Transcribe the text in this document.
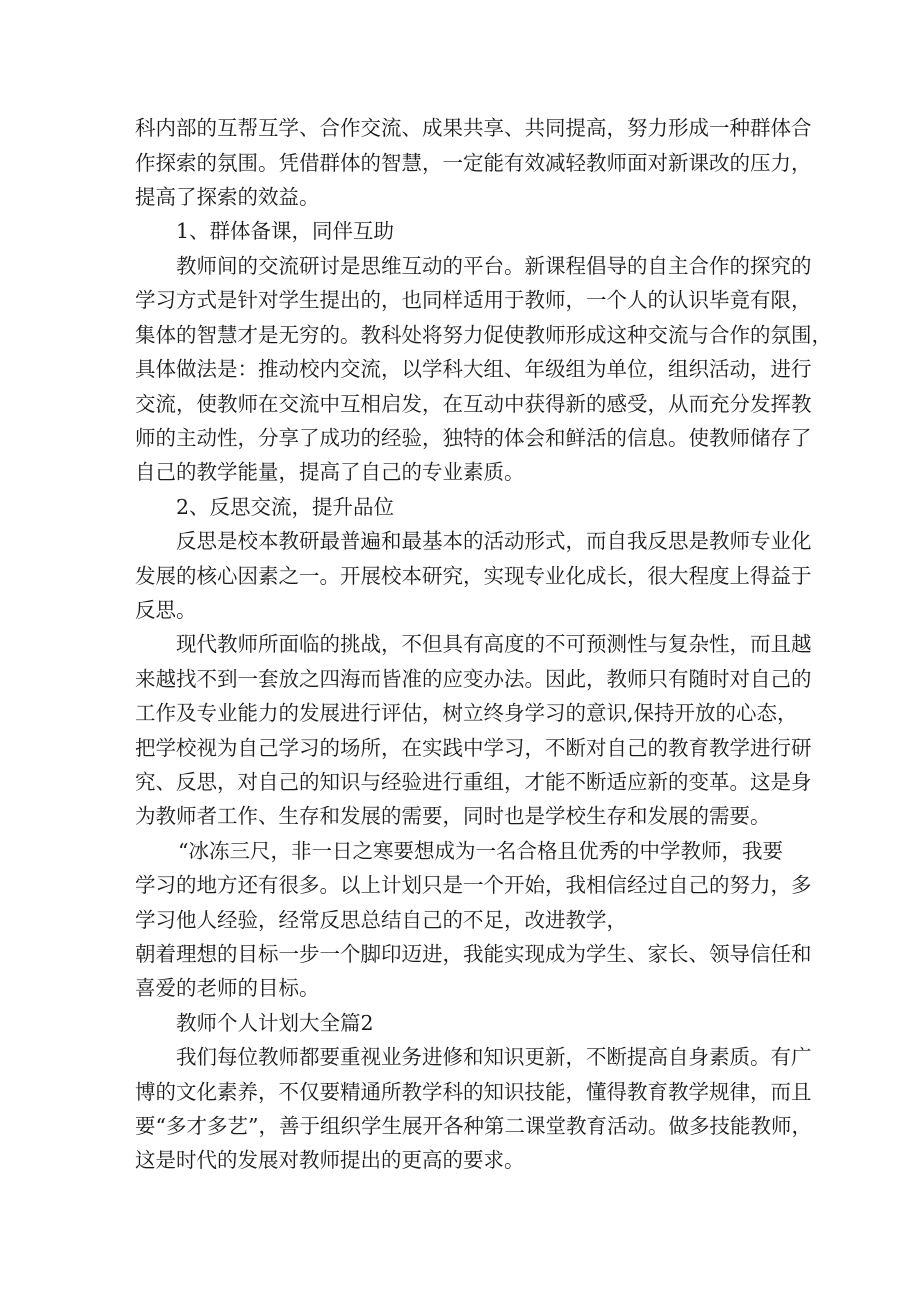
科内部的互帮互学、合作交流、成果共享、共同提高，努力形成一种群体合
作探索的氛围。凭借群体的智慧，一定能有效减轻教师面对新课改的压力，
提高了探索的效益。
1、群体备课，同伴互助
教师间的交流研讨是思维互动的平台。新课程倡导的自主合作的探究的
学习方式是针对学生提出的，也同样适用于教师，一个人的认识毕竟有限，
集体的智慧才是无穷的。教科处将努力促使教师形成这种交流与合作的氛围，
具体做法是：推动校内交流，以学科大组、年级组为单位，组织活动，进行
交流，使教师在交流中互相启发，在互动中获得新的感受，从而充分发挥教
师的主动性，分享了成功的经验，独特的体会和鲜活的信息。使教师储存了
自己的教学能量，提高了自己的专业素质。
2、反思交流，提升品位
反思是校本教研最普遍和最基本的活动形式，而自我反思是教师专业化
发展的核心因素之一。开展校本研究，实现专业化成长，很大程度上得益于
反思。
现代教师所面临的挑战，不但具有高度的不可预测性与复杂性，而且越
来越找不到一套放之四海而皆准的应变办法。因此，教师只有随时对自己的
工作及专业能力的发展进行评估，树立终身学习的意识,保持开放的心态，
把学校视为自己学习的场所，在实践中学习，不断对自己的教育教学进行研
究、反思，对自己的知识与经验进行重组，才能不断适应新的变革。这是身
为教师者工作、生存和发展的需要，同时也是学校生存和发展的需要。
“冰冻三尺，非一日之寒要想成为一名合格且优秀的中学教师，我要
学习的地方还有很多。以上计划只是一个开始，我相信经过自己的努力，多
学习他人经验，经常反思总结自己的不足，改进教学，
朝着理想的目标一步一个脚印迈进，我能实现成为学生、家长、领导信任和
喜爱的老师的目标。
教师个人计划大全篇2
我们每位教师都要重视业务进修和知识更新，不断提高自身素质。有广
博的文化素养，不仅要精通所教学科的知识技能，懂得教育教学规律，而且
要“多才多艺”，善于组织学生展开各种第二课堂教育活动。做多技能教师，
这是时代的发展对教师提出的更高的要求。
